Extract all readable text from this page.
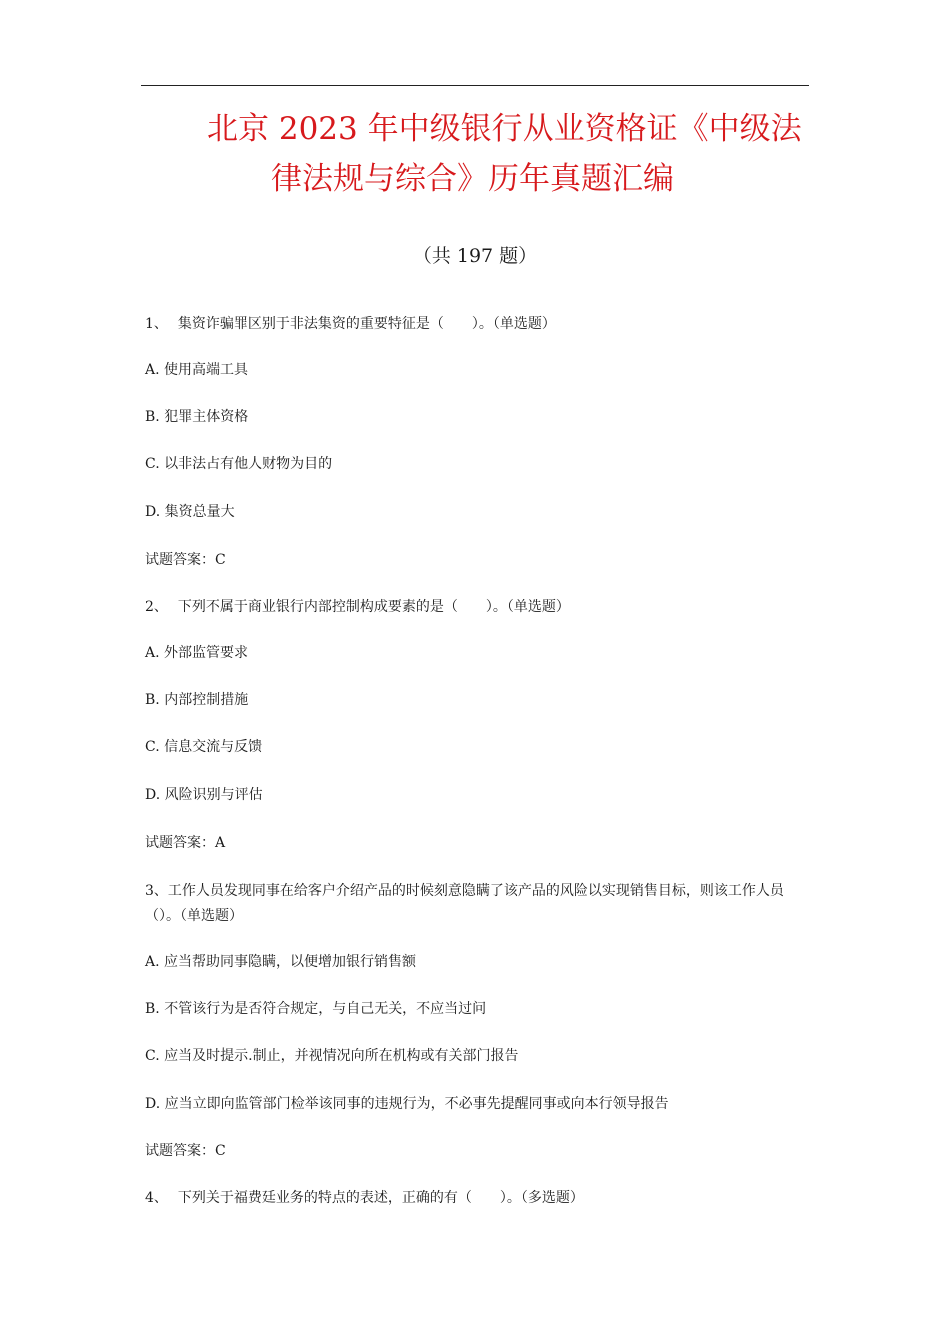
北京 2023 年中级银行从业资格证《中级法
律法规与综合》历年真题汇编
（共 197 题）
1、 集资诈骗罪区别于非法集资的重要特征是（　　）。（单选题）
A. 使用高端工具
B. 犯罪主体资格
C. 以非法占有他人财物为目的
D. 集资总量大
试题答案：C
2、 下列不属于商业银行内部控制构成要素的是（　　）。（单选题）
A. 外部监管要求
B. 内部控制措施
C. 信息交流与反馈
D. 风险识别与评估
试题答案：A
3、工作人员发现同事在给客户介绍产品的时候刻意隐瞒了该产品的风险以实现销售目标，则该工作人员（）。（单选题）
A. 应当帮助同事隐瞒，以便增加银行销售额
B. 不管该行为是否符合规定，与自己无关，不应当过问
C. 应当及时提示.制止，并视情况向所在机构或有关部门报告
D. 应当立即向监管部门检举该同事的违规行为，不必事先提醒同事或向本行领导报告
试题答案：C
4、 下列关于福费廷业务的特点的表述，正确的有（　　）。（多选题）
